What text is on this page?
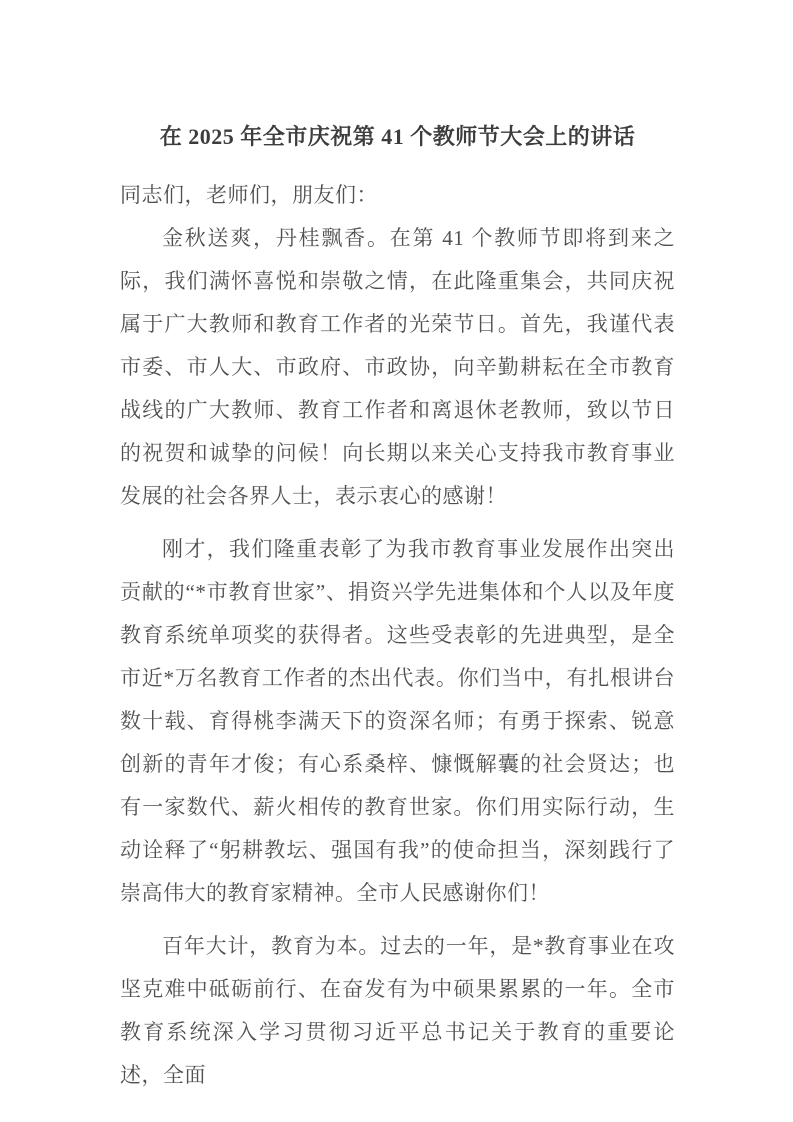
在 2025 年全市庆祝第 41 个教师节大会上的讲话

同志们，老师们，朋友们：

金秋送爽，丹桂飘香。在第 41 个教师节即将到来之际，我们满怀喜悦和崇敬之情，在此隆重集会，共同庆祝属于广大教师和教育工作者的光荣节日。首先，我谨代表市委、市人大、市政府、市政协，向辛勤耕耘在全市教育战线的广大教师、教育工作者和离退休老教师，致以节日的祝贺和诚挚的问候！向长期以来关心支持我市教育事业发展的社会各界人士，表示衷心的感谢！

刚才，我们隆重表彰了为我市教育事业发展作出突出贡献的“*市教育世家”、捐资兴学先进集体和个人以及年度教育系统单项奖的获得者。这些受表彰的先进典型，是全市近*万名教育工作者的杰出代表。你们当中，有扎根讲台数十载、育得桃李满天下的资深名师；有勇于探索、锐意创新的青年才俊；有心系桑梓、慷慨解囊的社会贤达；也有一家数代、薪火相传的教育世家。你们用实际行动，生动诠释了“躬耕教坛、强国有我”的使命担当，深刻践行了崇高伟大的教育家精神。全市人民感谢你们！

百年大计，教育为本。过去的一年，是*教育事业在攻坚克难中砥砺前行、在奋发有为中硕果累累的一年。全市教育系统深入学习贯彻习近平总书记关于教育的重要论述，全面
